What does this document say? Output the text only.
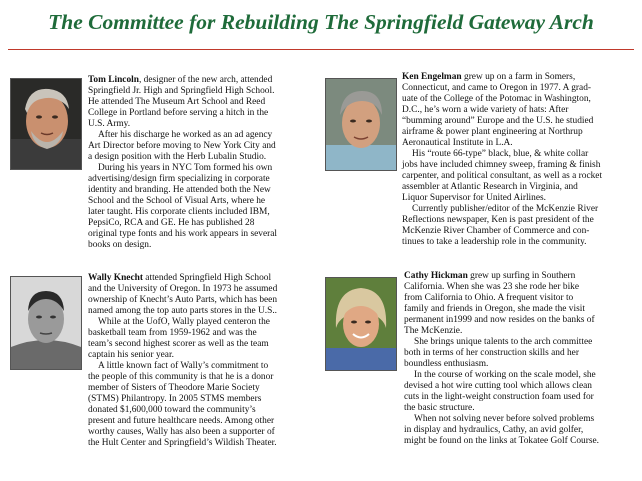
The Committee for Rebuilding The Springfield Gateway Arch

Tom Lincoln, designer of the new arch, attended

Springfield Jr. High and Springfield High School.

He attended The Museum Art School and Reed

College in Portland before serving a hitch in the

U.S. Army.

After his discharge he worked as an ad agency

Art Director before moving to New York City and

a design position with the Herb Lubalin Studio.

During his years in NYC Tom formed his own

advertising/design firm specializing in corporate

identity and branding. He attended both the New

School and the School of Visual Arts, where he

later taught. His corporate clients included IBM,

PepsiCo, RCA and GE. He has published 28

original type fonts and his work appears in several

books on design.

Ken Engelman grew up on a farm in Somers,

Connecticut, and came to Oregon in 1977. A grad-

uate of the College of the Potomac in Washington,

D.C., he’s worn a wide variety of hats: After

“bumming around” Europe and the U.S. he studied

airframe & power plant engineering at Northrup

Aeronautical Institute in L.A.

His “route 66-type” black, blue, & white collar

jobs have included chimney sweep, framing & finish

carpenter, and political consultant, as well as a rocket

assembler at Atlantic Research in Virginia, and

Liquor Supervisor for United Airlines.

Currently publisher/editor of the McKenzie River

Reflections newspaper, Ken is past president of the

McKenzie River Chamber of Commerce and con-

tinues to take a leadership role in the community.

Wally Knecht attended Springfield High School

and the University of Oregon. In 1973 he assumed

ownership of Knecht’s Auto Parts, which has been

named among the top auto parts stores in the U.S..

While at the UofO, Wally played centeron the

basketball team from 1959-1962 and was the

team’s second highest scorer as well as the team

captain his senior year.

A little known fact of Wally’s commitment to

the people of this community is that he is a donor

member of Sisters of Theodore Marie Society

(STMS) Philantropy. In 2005 STMS members

donated $1,600,000 toward the community’s

present and future healthcare needs. Among other

worthy causes, Wally has also been a supporter of

the Hult Center and Springfield’s Wildish Theater.

Cathy Hickman grew up surfing in Southern

California. When she was 23 she rode her bike

from California to Ohio. A frequent visitor to

family and friends in Oregon, she made the visit

permanent in1999 and now resides on the banks of

The McKenzie.

She brings unique talents to the arch committee

both in terms of her construction skills and her

boundless enthusiasm.

In the course of working on the scale model, she

devised a hot wire cutting tool which allows clean

cuts in the light-weight construction foam used for

the basic structure.

When not solving never before solved problems

in display and hydraulics, Cathy, an avid golfer,

might be found on the links at Tokatee Golf Course.
